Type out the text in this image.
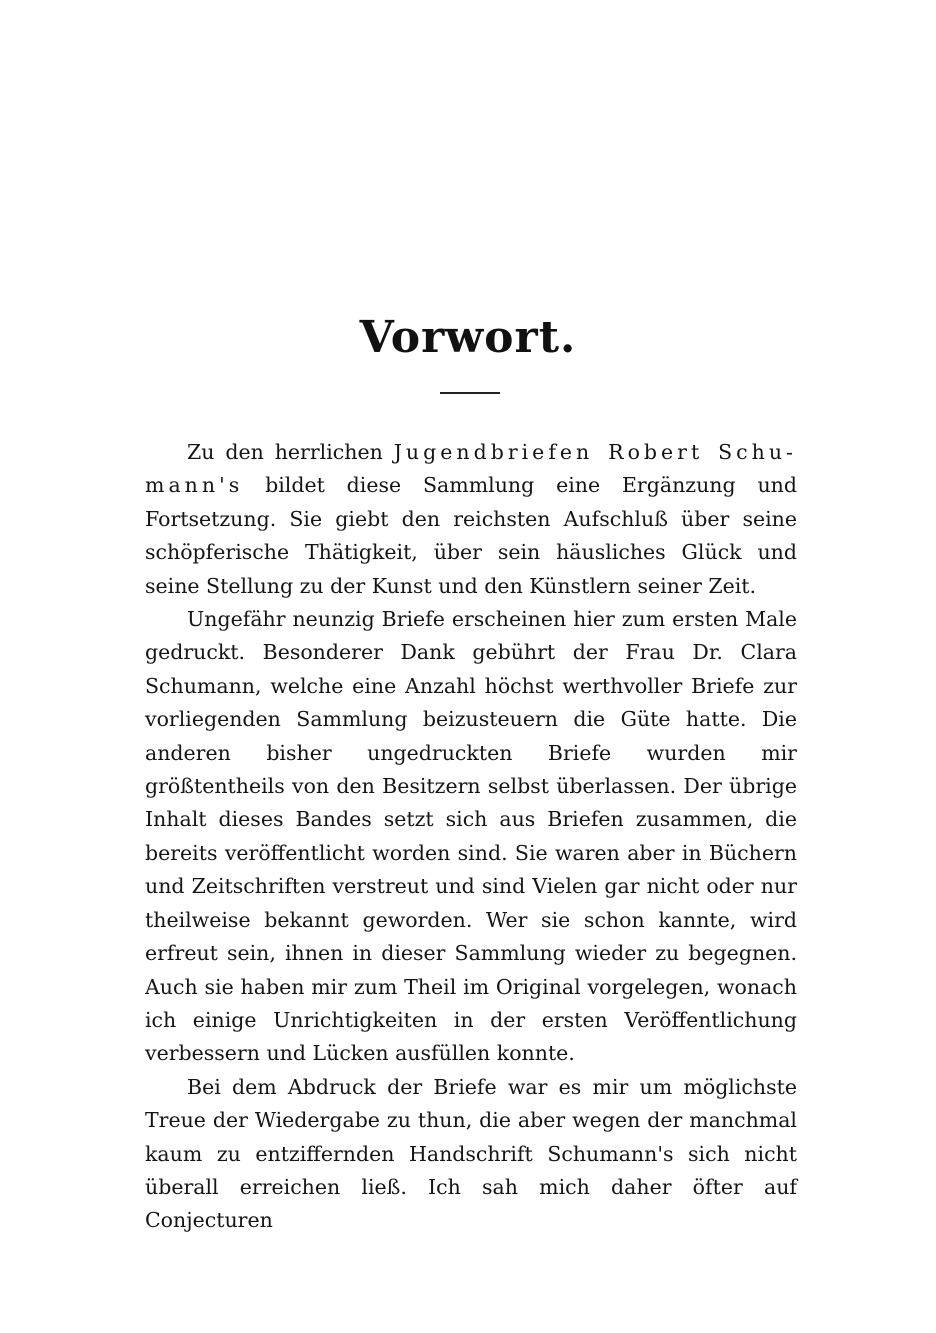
Vorwort.

Zu den herrlichen Jugendbriefen Robert Schu-mann's bildet diese Sammlung eine Ergänzung und Fortsetzung. Sie giebt den reichsten Aufschluß über seine schöpferische Thätigkeit, über sein häusliches Glück und seine Stellung zu der Kunst und den Künstlern seiner Zeit.

Ungefähr neunzig Briefe erscheinen hier zum ersten Male gedruckt. Besonderer Dank gebührt der Frau Dr. Clara Schumann, welche eine Anzahl höchst werthvoller Briefe zur vorliegenden Sammlung beizusteuern die Güte hatte. Die anderen bisher ungedruckten Briefe wurden mir größtentheils von den Besitzern selbst überlassen. Der übrige Inhalt dieses Bandes setzt sich aus Briefen zusammen, die bereits veröffentlicht worden sind. Sie waren aber in Büchern und Zeitschriften verstreut und sind Vielen gar nicht oder nur theilweise bekannt geworden. Wer sie schon kannte, wird erfreut sein, ihnen in dieser Sammlung wieder zu begegnen. Auch sie haben mir zum Theil im Original vorgelegen, wonach ich einige Unrichtigkeiten in der ersten Veröffentlichung verbessern und Lücken ausfüllen konnte.

Bei dem Abdruck der Briefe war es mir um möglichste Treue der Wiedergabe zu thun, die aber wegen der manchmal kaum zu entziffernden Handschrift Schumann's sich nicht überall erreichen ließ. Ich sah mich daher öfter auf Conjecturen
